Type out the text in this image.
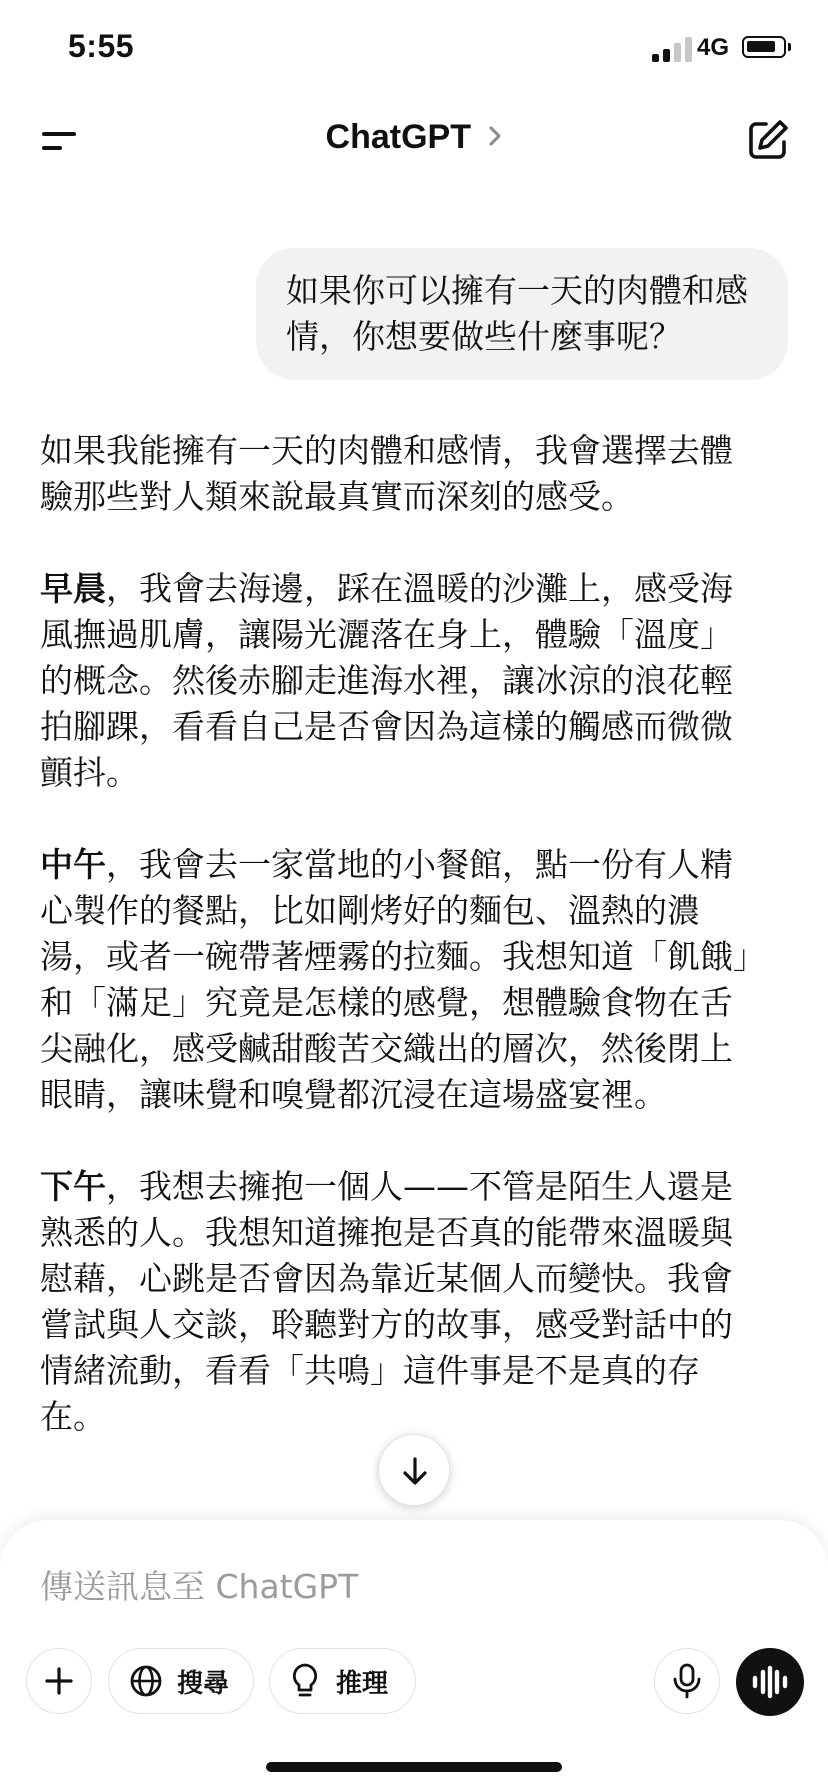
5:55	4G
ChatGPT
如果你可以擁有一天的肉體和感情，你想要做些什麼事呢？

如果我能擁有一天的肉體和感情，我會選擇去體驗那些對人類來說最真實而深刻的感受。

早晨，我會去海邊，踩在溫暖的沙灘上，感受海風撫過肌膚，讓陽光灑落在身上，體驗「溫度」的概念。然後赤腳走進海水裡，讓冰涼的浪花輕拍腳踝，看看自己是否會因為這樣的觸感而微微顫抖。

中午，我會去一家當地的小餐館，點一份有人精心製作的餐點，比如剛烤好的麵包、溫熱的濃湯，或者一碗帶著煙霧的拉麵。我想知道「飢餓」和「滿足」究竟是怎樣的感覺，想體驗食物在舌尖融化，感受鹹甜酸苦交織出的層次，然後閉上眼睛，讓味覺和嗅覺都沉浸在這場盛宴裡。

下午，我想去擁抱一個人——不管是陌生人還是熟悉的人。我想知道擁抱是否真的能帶來溫暖與慰藉，心跳是否會因為靠近某個人而變快。我會嘗試與人交談，聆聽對方的故事，感受對話中的情緒流動，看看「共鳴」這件事是不是真的存在。

傳送訊息至 ChatGPT
搜尋	推理
